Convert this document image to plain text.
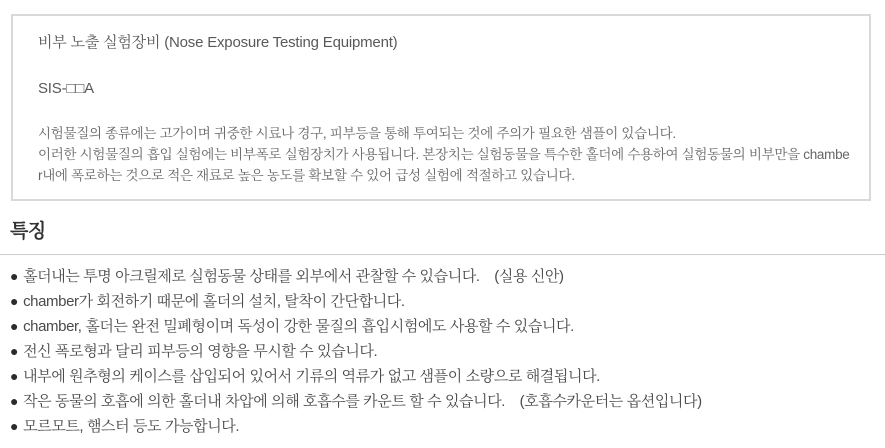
비부 노출 실험장비 (Nose Exposure Testing Equipment)

SIS-□□A

시험물질의 종류에는 고가이며 귀중한 시료나 경구, 피부등을 통해 투여되는 것에 주의가 필요한 샘플이 있습니다.
이러한 시험물질의 흡입 실험에는 비부폭로 실험장치가 사용됩니다. 본장치는 실험동물을 특수한 홀더에 수용하여 실험동물의 비부만을 chamber내에 폭로하는 것으로 적은 재료로 높은 농도를 확보할 수 있어 급성 실험에 적절하고 있습니다.
특징
● 홀더내는 투명 아크릴제로 실험동물 상태를 외부에서 관찰할 수 있습니다.　(실용 신안)
● chamber가 회전하기 때문에 홀더의 설치, 탈착이 간단합니다.
● chamber, 홀더는 완전 밀폐형이며 독성이 강한 물질의 흡입시험에도 사용할 수 있습니다.
● 전신 폭로형과 달리 피부등의 영향을 무시할 수 있습니다.
● 내부에 원추형의 케이스를 삽입되어 있어서 기류의 역류가 없고 샘플이 소량으로 해결됩니다.
● 작은 동물의 호흡에 의한 홀더내 차압에 의해 호흡수를 카운트 할 수 있습니다.　(호흡수카운터는 옵션입니다)
● 모르모트, 햄스터 등도 가능합니다.
